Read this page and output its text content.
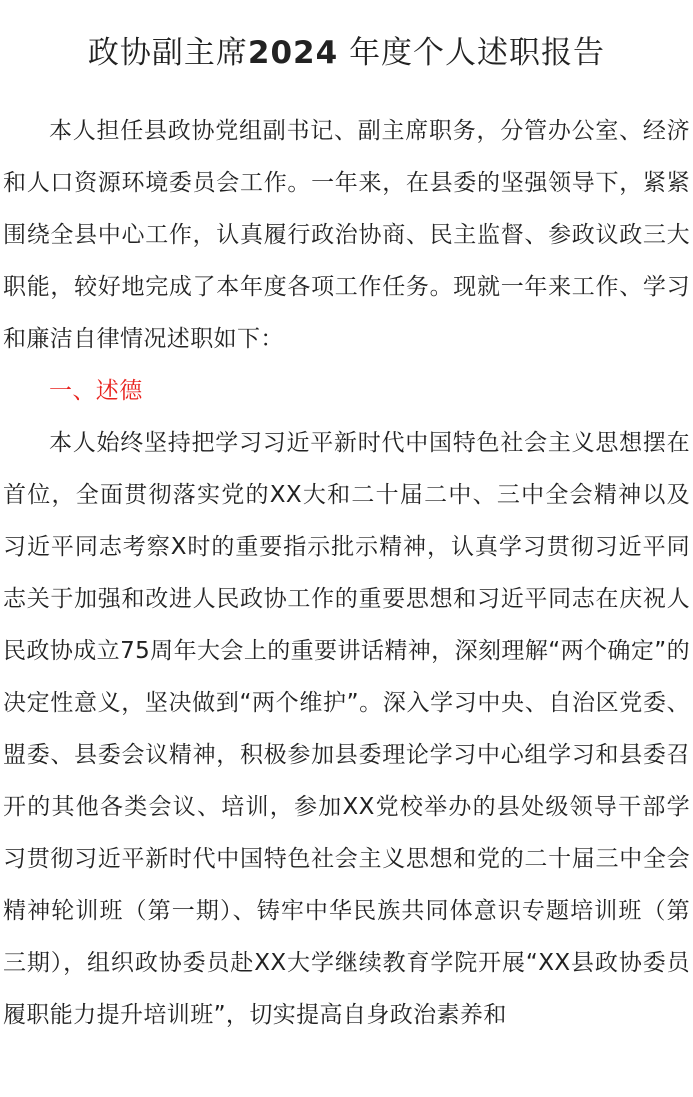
政协副主席2024 年度个人述职报告

本人担任县政协党组副书记、副主席职务，分管办公室、经济和人口资源环境委员会工作。一年来，在县委的坚强领导下，紧紧围绕全县中心工作，认真履行政治协商、民主监督、参政议政三大职能，较好地完成了本年度各项工作任务。现就一年来工作、学习和廉洁自律情况述职如下：

一、述德

本人始终坚持把学习习近平新时代中国特色社会主义思想摆在首位，全面贯彻落实党的XX大和二十届二中、三中全会精神以及习近平同志考察X时的重要指示批示精神，认真学习贯彻习近平同志关于加强和改进人民政协工作的重要思想和习近平同志在庆祝人民政协成立75周年大会上的重要讲话精神，深刻理解“两个确定”的决定性意义，坚决做到“两个维护”。深入学习中央、自治区党委、盟委、县委会议精神，积极参加县委理论学习中心组学习和县委召开的其他各类会议、培训，参加XX党校举办的县处级领导干部学习贯彻习近平新时代中国特色社会主义思想和党的二十届三中全会精神轮训班（第一期）、铸牢中华民族共同体意识专题培训班（第三期），组织政协委员赴XX大学继续教育学院开展“XX县政协委员履职能力提升培训班”，切实提高自身政治素养和
